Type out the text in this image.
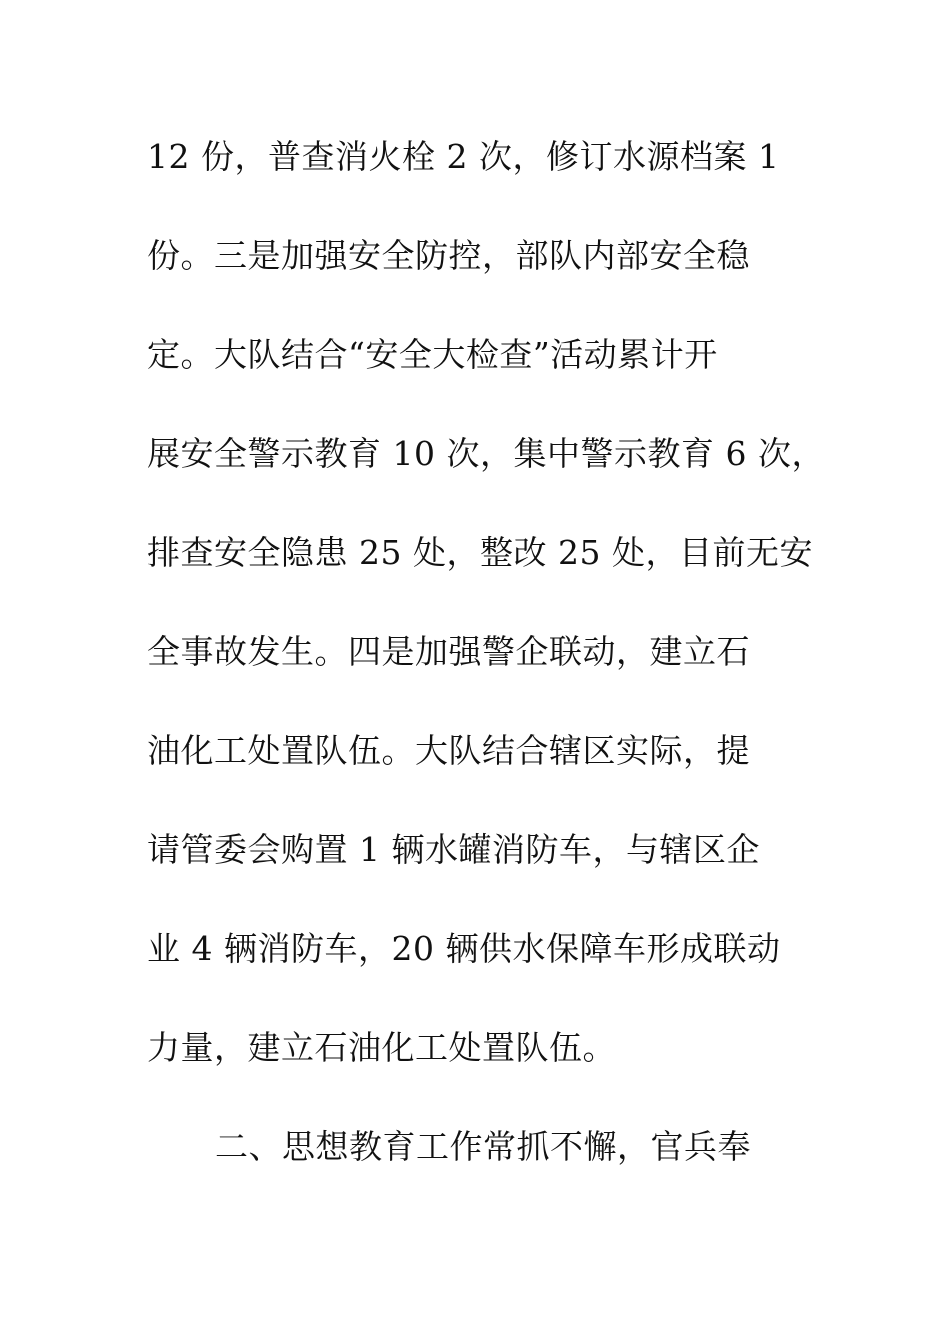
12 份，普查消火栓 2 次，修订水源档案 1
份。三是加强安全防控，部队内部安全稳
定。大队结合“安全大检查”活动累计开
展安全警示教育 10 次，集中警示教育 6 次，
排查安全隐患 25 处，整改 25 处，目前无安
全事故发生。四是加强警企联动，建立石
油化工处置队伍。大队结合辖区实际，提
请管委会购置 1 辆水罐消防车，与辖区企
业 4 辆消防车，20 辆供水保障车形成联动
力量，建立石油化工处置队伍。
二、思想教育工作常抓不懈，官兵奉
